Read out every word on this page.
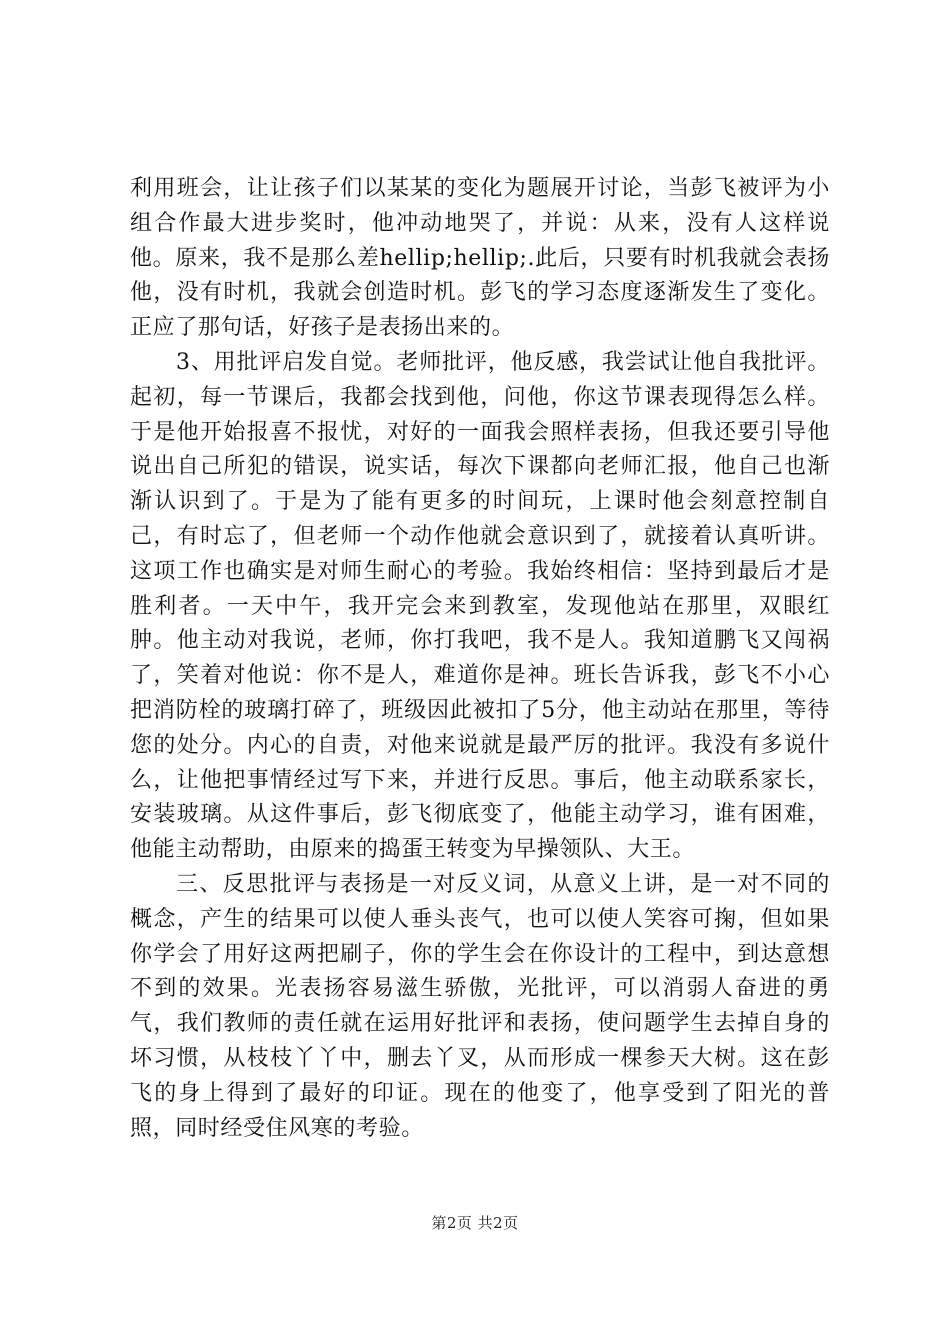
利用班会，让让孩子们以某某的变化为题展开讨论，当彭飞被评为小组合作最大进步奖时，他冲动地哭了，并说：从来，没有人这样说他。原来，我不是那么差hellip;hellip;.此后，只要有时机我就会表扬他，没有时机，我就会创造时机。彭飞的学习态度逐渐发生了变化。正应了那句话，好孩子是表扬出来的。

3、用批评启发自觉。老师批评，他反感，我尝试让他自我批评。起初，每一节课后，我都会找到他，问他，你这节课表现得怎么样。于是他开始报喜不报忧，对好的一面我会照样表扬，但我还要引导他说出自己所犯的错误，说实话，每次下课都向老师汇报，他自己也渐渐认识到了。于是为了能有更多的时间玩，上课时他会刻意控制自己，有时忘了，但老师一个动作他就会意识到了，就接着认真听讲。这项工作也确实是对师生耐心的考验。我始终相信：坚持到最后才是胜利者。一天中午，我开完会来到教室，发现他站在那里，双眼红肿。他主动对我说，老师，你打我吧，我不是人。我知道鹏飞又闯祸了，笑着对他说：你不是人，难道你是神。班长告诉我，彭飞不小心把消防栓的玻璃打碎了，班级因此被扣了5分，他主动站在那里，等待您的处分。内心的自责，对他来说就是最严厉的批评。我没有多说什么，让他把事情经过写下来，并进行反思。事后，他主动联系家长，安装玻璃。从这件事后，彭飞彻底变了，他能主动学习，谁有困难，他能主动帮助，由原来的捣蛋王转变为早操领队、大王。

三、反思批评与表扬是一对反义词，从意义上讲，是一对不同的概念，产生的结果可以使人垂头丧气，也可以使人笑容可掬，但如果你学会了用好这两把刷子，你的学生会在你设计的工程中，到达意想不到的效果。光表扬容易滋生骄傲，光批评，可以消弱人奋进的勇气，我们教师的责任就在运用好批评和表扬，使问题学生去掉自身的坏习惯，从枝枝丫丫中，删去丫叉，从而形成一棵参天大树。这在彭飞的身上得到了最好的印证。现在的他变了，他享受到了阳光的普照，同时经受住风寒的考验。

第2页 共2页
